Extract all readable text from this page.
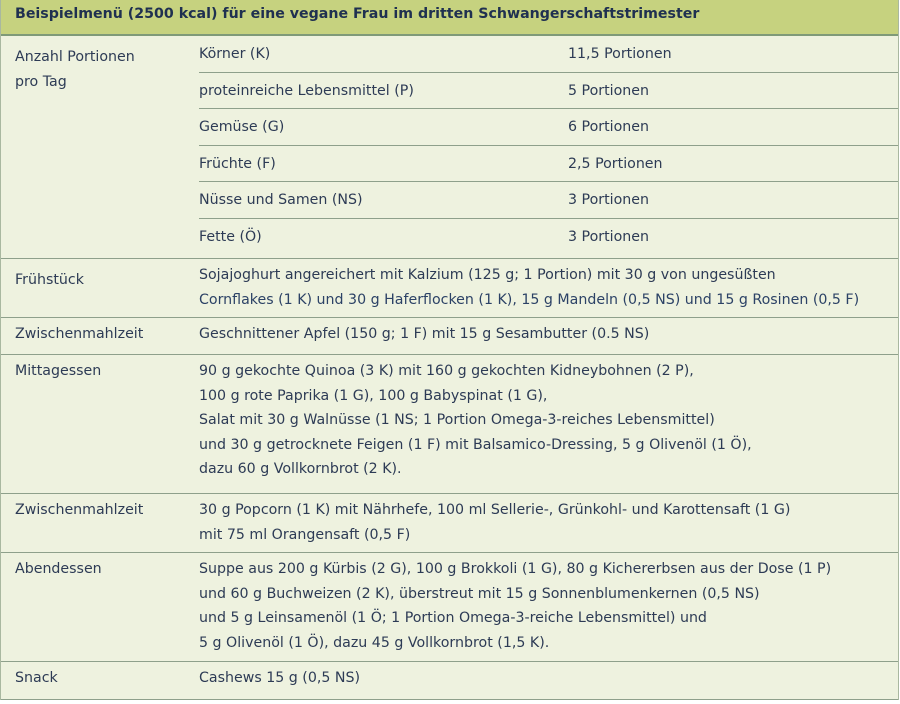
Beispielmenü (2500 kcal) für eine vegane Frau im dritten Schwangerschaftstrimester
Anzahl Portionen
pro Tag
Körner (K)	11,5 Portionen
proteinreiche Lebensmittel (P)	5 Portionen
Gemüse (G)	6 Portionen
Früchte (F)	2,5 Portionen
Nüsse und Samen (NS)	3 Portionen
Fette (Ö)	3 Portionen
Frühstück	Sojajoghurt angereichert mit Kalzium (125 g; 1 Portion) mit 30 g von ungesüßten
Cornflakes (1 K) und 30 g Haferflocken (1 K), 15 g Mandeln (0,5 NS) und 15 g Rosinen (0,5 F)
Zwischenmahlzeit	Geschnittener Apfel (150 g; 1 F) mit 15 g Sesambutter (0.5 NS)
Mittagessen	90 g gekochte Quinoa (3 K) mit 160 g gekochten Kidneybohnen (2 P),
100 g rote Paprika (1 G), 100 g Babyspinat (1 G),
Salat mit 30 g Walnüsse (1 NS; 1 Portion Omega-3-reiches Lebensmittel)
und 30 g getrocknete Feigen (1 F) mit Balsamico-Dressing, 5 g Olivenöl (1 Ö),
dazu 60 g Vollkornbrot (2 K).
Zwischenmahlzeit	30 g Popcorn (1 K) mit Nährhefe, 100 ml Sellerie-, Grünkohl- und Karottensaft (1 G)
mit 75 ml Orangensaft (0,5 F)
Abendessen	Suppe aus 200 g Kürbis (2 G), 100 g Brokkoli (1 G), 80 g Kichererbsen aus der Dose (1 P)
und 60 g Buchweizen (2 K), überstreut mit 15 g Sonnenblumenkernen (0,5 NS)
und 5 g Leinsamenöl (1 Ö; 1 Portion Omega-3-reiche Lebensmittel) und
5 g Olivenöl (1 Ö), dazu 45 g Vollkornbrot (1,5 K).
Snack	Cashews 15 g (0,5 NS)
